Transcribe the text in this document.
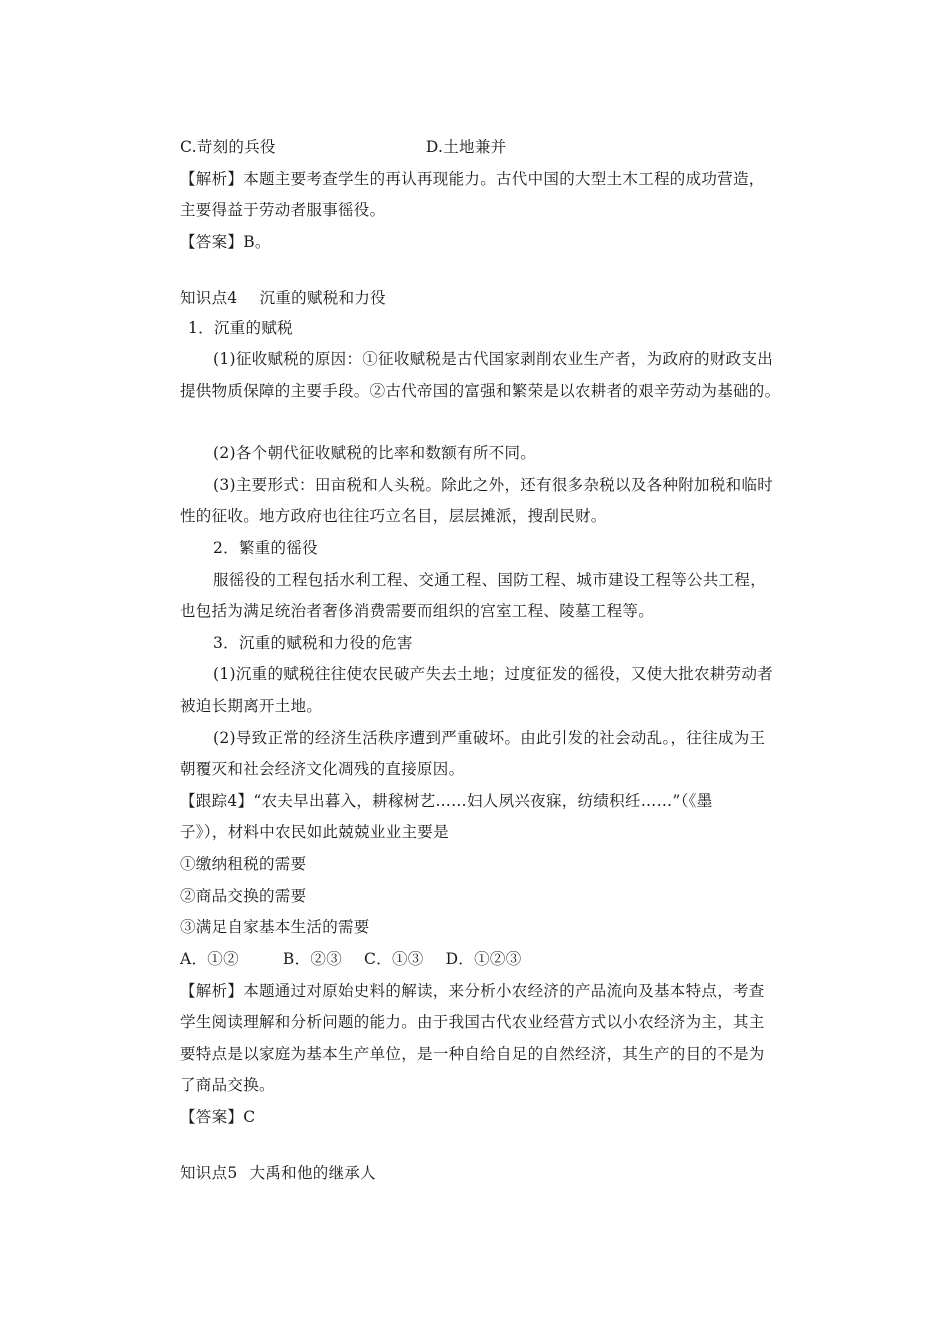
C.苛刻的兵役	D.土地兼并
【解析】本题主要考查学生的再认再现能力。古代中国的大型土木工程的成功营造，
主要得益于劳动者服事徭役。
【答案】B。
知识点4 沉重的赋税和力役
1．沉重的赋税
(1)征收赋税的原因：①征收赋税是古代国家剥削农业生产者，为政府的财政支出
提供物质保障的主要手段。②古代帝国的富强和繁荣是以农耕者的艰辛劳动为基础的。
(2)各个朝代征收赋税的比率和数额有所不同。
(3)主要形式：田亩税和人头税。除此之外，还有很多杂税以及各种附加税和临时
性的征收。地方政府也往往巧立名目，层层摊派，搜刮民财。
2．繁重的徭役
服徭役的工程包括水利工程、交通工程、国防工程、城市建设工程等公共工程，
也包括为满足统治者奢侈消费需要而组织的宫室工程、陵墓工程等。
3．沉重的赋税和力役的危害
(1)沉重的赋税往往使农民破产失去土地；过度征发的徭役，又使大批农耕劳动者
被迫长期离开土地。
(2)导致正常的经济生活秩序遭到严重破坏。由此引发的社会动乱。，往往成为王
朝覆灭和社会经济文化凋残的直接原因。
【跟踪4】“农夫早出暮入，耕稼树艺……妇人夙兴夜寐，纺绩积纴……”（《墨
子》），材料中农民如此兢兢业业主要是
①缴纳租税的需要
②商品交换的需要
③满足自家基本生活的需要
A．①②	B．②③ C．①③ D．①②③
【解析】本题通过对原始史料的解读，来分析小农经济的产品流向及基本特点，考查
学生阅读理解和分析问题的能力。由于我国古代农业经营方式以小农经济为主，其主
要特点是以家庭为基本生产单位，是一种自给自足的自然经济，其生产的目的不是为
了商品交换。
【答案】C
知识点5 大禹和他的继承人
